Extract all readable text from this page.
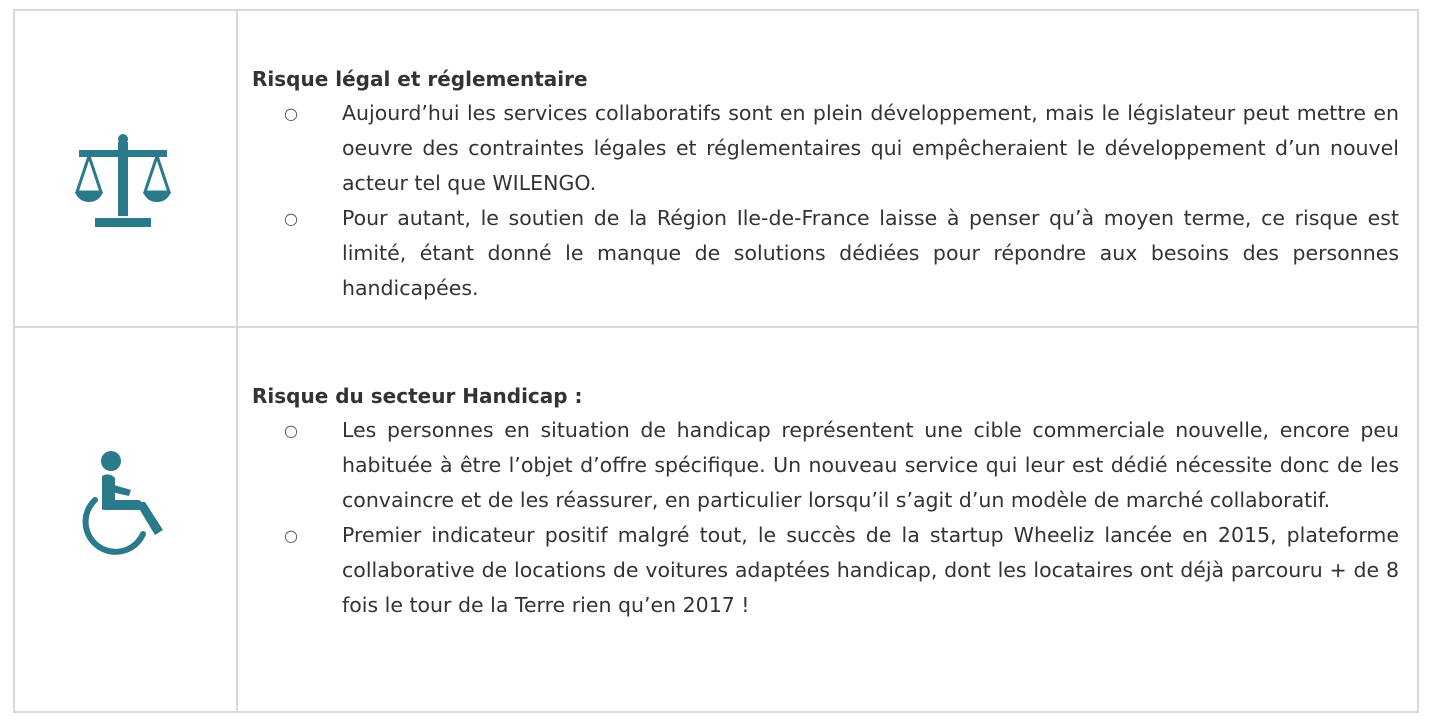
Risque légal et réglementaire
○ Aujourd’hui les services collaboratifs sont en plein développement, mais le législateur peut mettre en oeuvre des contraintes légales et réglementaires qui empêcheraient le développement d’un nouvel acteur tel que WILENGO.
○ Pour autant, le soutien de la Région Ile-de-France laisse à penser qu’à moyen terme, ce risque est limité, étant donné le manque de solutions dédiées pour répondre aux besoins des personnes handicapées.
Risque du secteur Handicap :
○ Les personnes en situation de handicap représentent une cible commerciale nouvelle, encore peu habituée à être l’objet d’offre spécifique. Un nouveau service qui leur est dédié nécessite donc de les convaincre et de les réassurer, en particulier lorsqu’il s’agit d’un modèle de marché collaboratif.
○ Premier indicateur positif malgré tout, le succès de la startup Wheeliz lancée en 2015, plateforme collaborative de locations de voitures adaptées handicap, dont les locataires ont déjà parcouru + de 8 fois le tour de la Terre rien qu’en 2017 !
